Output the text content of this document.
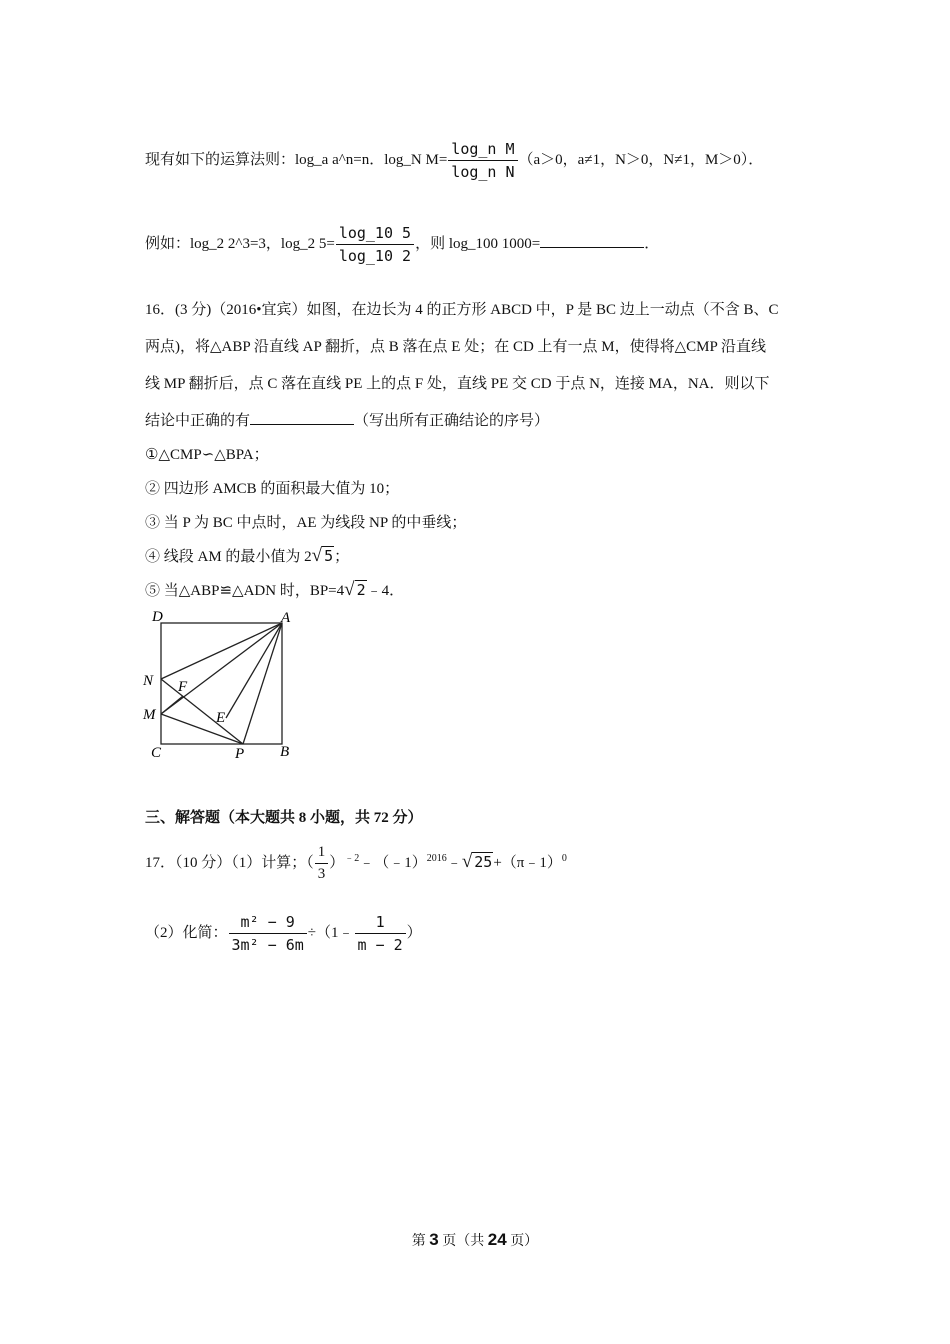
现有如下的运算法则：log_a a^n=n．log_N $M= \frac{\text{log\_n M}}{\text{log\_n N}} (a>0$，a≠1，N＞0，N≠1，M＞0）．
例如：log_2 2^3=3，log_2 $5= \frac{\log\_10 5}{\log\_10 2}$ ，则 log_100 1000=	．
16．(3 分)（2016•宜宾）如图，在边长为 4 的正方形 ABCD 中，P 是 BC 边上一动点（不含 B、C
两点)，将△ABP 沿直线 AP 翻折，点 B 落在点 E 处；在 CD 上有一点 M，使得将△CMP 沿直线
线 MP 翻折后，点 C 落在直线 PE 上的点 F 处，直线 PE 交 CD 于点 N，连接 MA，NA．则以下
结论中正确的有	（写出所有正确结论的序号）
①△CMP∽△BPA；
② 四边形 AMCB 的面积最大值为 10；
③ 当 P 为 BC 中点时，AE 为线段 NP 的中垂线；
④ 线段 AM 的最小值为 2√ 5；
⑤ 当△ABP≌△ADN 时，BP=4√ 2﹣4．
D	A
N F
M	E
C	P B
三、解答题（本大题共 8 小题，共 72 分）
17．（10 分）（1）计算；（ $\frac{1}{3}$ ）$^{﹣2}$﹣（﹣1）$^{2016}$﹣√ 25+（π﹣1）$^0$
（2）化简： $\frac{\text{m² − 9}}{\text{3m² − 6m}}$ ÷（1﹣ $\frac{1}{m - 2}$ ）
第 3 页（共 24 页）
